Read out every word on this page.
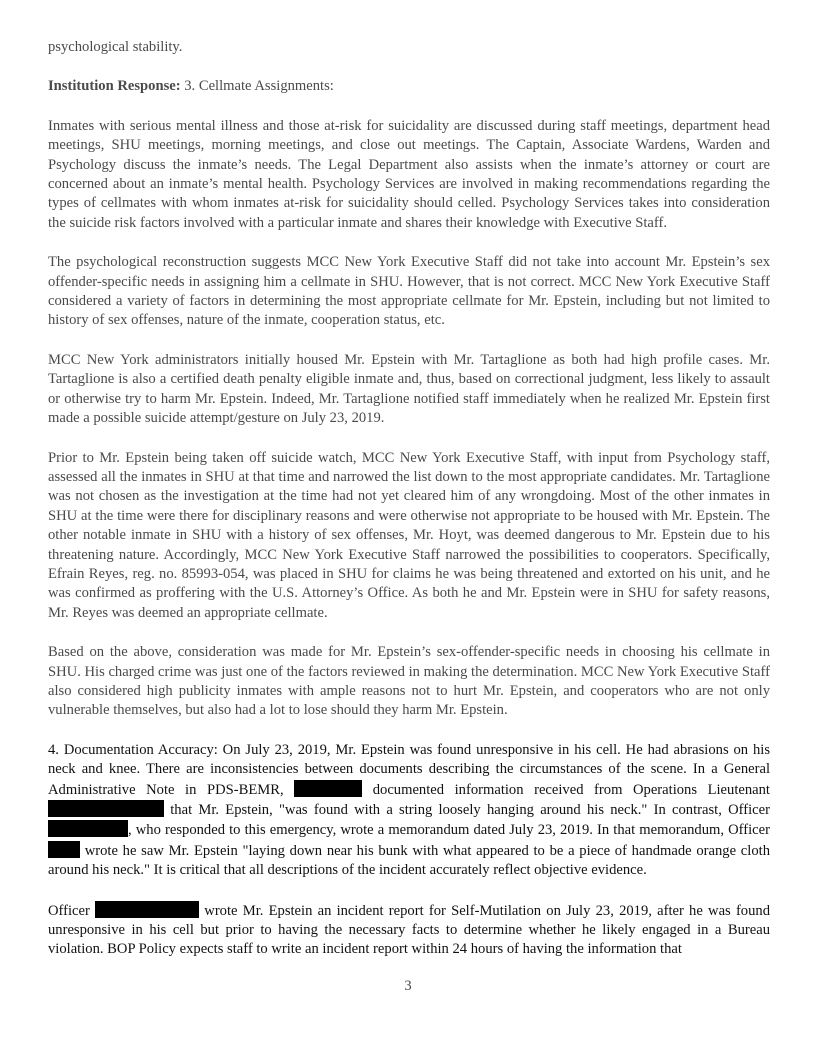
psychological stability.

Institution Response: 3. Cellmate Assignments:

Inmates with serious mental illness and those at-risk for suicidality are discussed during staff meetings, department head meetings, SHU meetings, morning meetings, and close out meetings. The Captain, Associate Wardens, Warden and Psychology discuss the inmate’s needs. The Legal Department also assists when the inmate’s attorney or court are concerned about an inmate’s mental health. Psychology Services are involved in making recommendations regarding the types of cellmates with whom inmates at-risk for suicidality should celled. Psychology Services takes into consideration the suicide risk factors involved with a particular inmate and shares their knowledge with Executive Staff.

The psychological reconstruction suggests MCC New York Executive Staff did not take into account Mr. Epstein’s sex offender-specific needs in assigning him a cellmate in SHU. However, that is not correct. MCC New York Executive Staff considered a variety of factors in determining the most appropriate cellmate for Mr. Epstein, including but not limited to history of sex offenses, nature of the inmate, cooperation status, etc.

MCC New York administrators initially housed Mr. Epstein with Mr. Tartaglione as both had high profile cases. Mr. Tartaglione is also a certified death penalty eligible inmate and, thus, based on correctional judgment, less likely to assault or otherwise try to harm Mr. Epstein. Indeed, Mr. Tartaglione notified staff immediately when he realized Mr. Epstein first made a possible suicide attempt/gesture on July 23, 2019.

Prior to Mr. Epstein being taken off suicide watch, MCC New York Executive Staff, with input from Psychology staff, assessed all the inmates in SHU at that time and narrowed the list down to the most appropriate candidates. Mr. Tartaglione was not chosen as the investigation at the time had not yet cleared him of any wrongdoing. Most of the other inmates in SHU at the time were there for disciplinary reasons and were otherwise not appropriate to be housed with Mr. Epstein. The other notable inmate in SHU with a history of sex offenses, Mr. Hoyt, was deemed dangerous to Mr. Epstein due to his threatening nature. Accordingly, MCC New York Executive Staff narrowed the possibilities to cooperators. Specifically, Efrain Reyes, reg. no. 85993-054, was placed in SHU for claims he was being threatened and extorted on his unit, and he was confirmed as proffering with the U.S. Attorney’s Office. As both he and Mr. Epstein were in SHU for safety reasons, Mr. Reyes was deemed an appropriate cellmate.

Based on the above, consideration was made for Mr. Epstein’s sex-offender-specific needs in choosing his cellmate in SHU. His charged crime was just one of the factors reviewed in making the determination. MCC New York Executive Staff also considered high publicity inmates with ample reasons not to hurt Mr. Epstein, and cooperators who are not only vulnerable themselves, but also had a lot to lose should they harm Mr. Epstein.

4. Documentation Accuracy: On July 23, 2019, Mr. Epstein was found unresponsive in his cell. He had abrasions on his neck and knee. There are inconsistencies between documents describing the circumstances of the scene. In a General Administrative Note in PDS-BEMR,	documented information received from Operations Lieutenant  that Mr. Epstein, "was found with a string loosely hanging around his neck." In contrast, Officer , who responded to this emergency, wrote a memorandum dated July 23, 2019. In that memorandum, Officer  wrote he saw Mr. Epstein "laying down near his bunk with what appeared to be a piece of handmade orange cloth around his neck." It is critical that all descriptions of the incident accurately reflect objective evidence.

Officer	wrote Mr. Epstein an incident report for Self-Mutilation on July 23, 2019, after he was found unresponsive in his cell but prior to having the necessary facts to determine whether he likely engaged in a Bureau violation. BOP Policy expects staff to write an incident report within 24 hours of having the information that

3
